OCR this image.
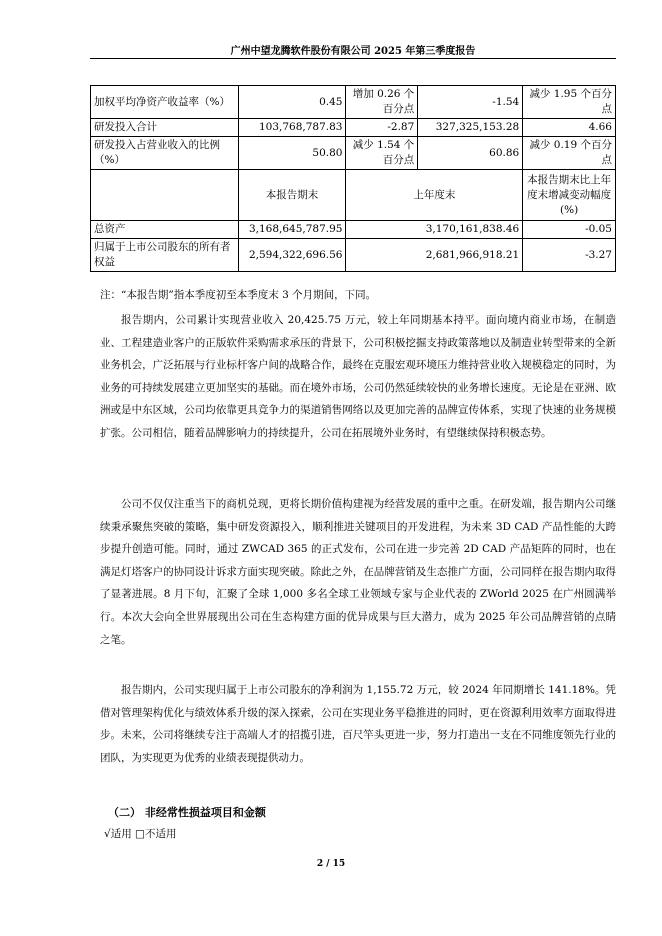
广州中望龙腾软件股份有限公司 2025 年第三季度报告
加权平均净资产收益率（%）	0.45	增加 0.26 个百分点	-1.54	减少 1.95 个百分点
研发投入合计	103,768,787.83	-2.87	327,325,153.28	4.66
研发投入占营业收入的比例（%）	50.80	减少 1.54 个百分点	60.86	减少 0.19 个百分点
	本报告期末	上年度末		本报告期末比上年度末增减变动幅度(%)
总资产	3,168,645,787.95	3,170,161,838.46		-0.05
归属于上市公司股东的所有者权益	2,594,322,696.56	2,681,966,918.21		-3.27
注：“本报告期”指本季度初至本季度末 3 个月期间，下同。

报告期内，公司累计实现营业收入 20,425.75 万元，较上年同期基本持平。面向境内商业市场，在制造业、工程建造业客户的正版软件采购需求承压的背景下，公司积极挖掘支持政策落地以及制造业转型带来的全新业务机会，广泛拓展与行业标杆客户间的战略合作，最终在克服宏观环境压力维持营业收入规模稳定的同时，为业务的可持续发展建立更加坚实的基础。而在境外市场，公司仍然延续较快的业务增长速度。无论是在亚洲、欧洲或是中东区域，公司均依靠更具竞争力的渠道销售网络以及更加完善的品牌宣传体系，实现了快速的业务规模扩张。公司相信，随着品牌影响力的持续提升，公司在拓展境外业务时，有望继续保持积极态势。

公司不仅仅注重当下的商机兑现，更将长期价值构建视为经营发展的重中之重。在研发端，报告期内公司继续秉承聚焦突破的策略，集中研发资源投入，顺利推进关键项目的开发进程，为未来 3D CAD 产品性能的大跨步提升创造可能。同时，通过 ZWCAD 365 的正式发布，公司在进一步完善 2D CAD 产品矩阵的同时，也在满足灯塔客户的协同设计诉求方面实现突破。除此之外，在品牌营销及生态推广方面，公司同样在报告期内取得了显著进展。8 月下旬，汇聚了全球 1,000 多名全球工业领域专家与企业代表的 ZWorld 2025 在广州圆满举行。本次大会向全世界展现出公司在生态构建方面的优异成果与巨大潜力，成为 2025 年公司品牌营销的点睛之笔。

报告期内，公司实现归属于上市公司股东的净利润为 1,155.72 万元，较 2024 年同期增长 141.18%。凭借对管理架构优化与绩效体系升级的深入探索，公司在实现业务平稳推进的同时，更在资源利用效率方面取得进步。未来，公司将继续专注于高端人才的招揽引进，百尺竿头更进一步，努力打造出一支在不同维度领先行业的团队，为实现更为优秀的业绩表现提供动力。

（二） 非经常性损益项目和金额
√适用 □不适用
2 / 15
